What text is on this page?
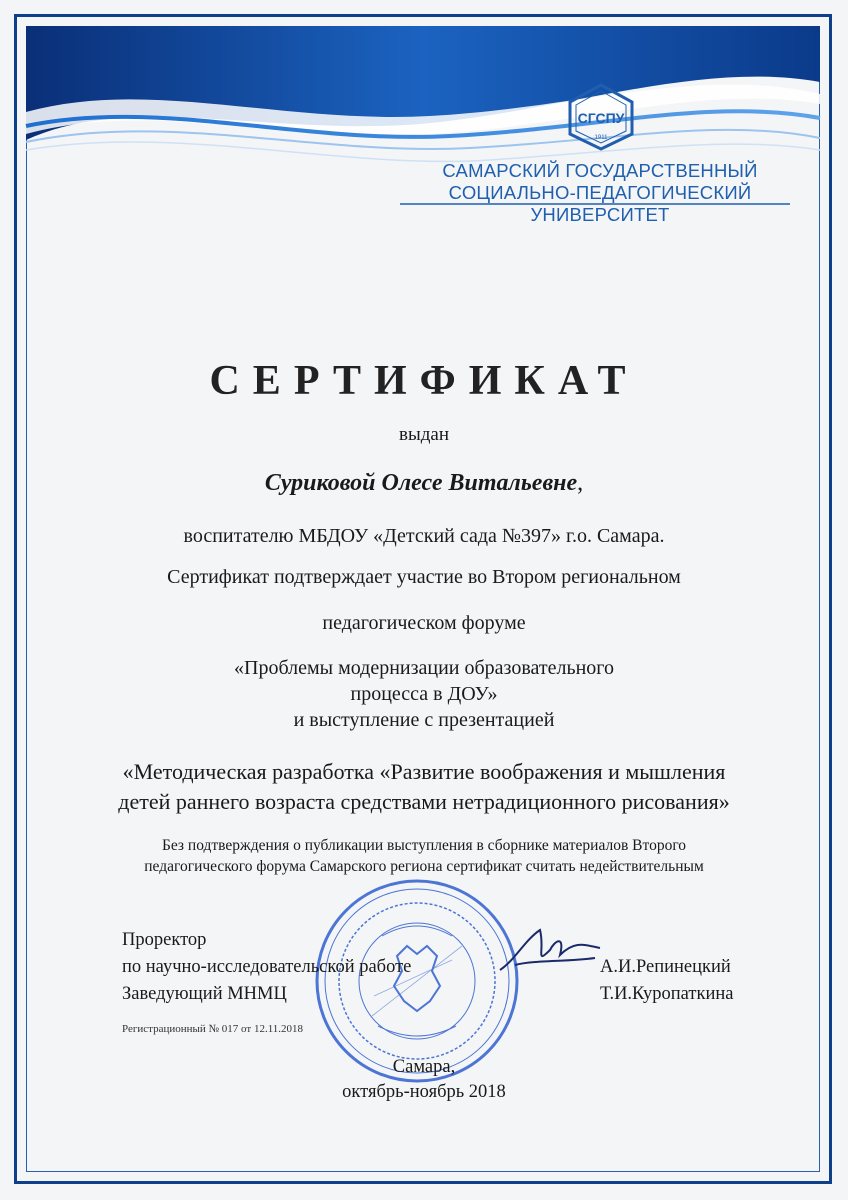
СГСПУ
1911
САМАРСКИЙ ГОСУДАРСТВЕННЫЙ
СОЦИАЛЬНО-ПЕДАГОГИЧЕСКИЙ УНИВЕРСИТЕТ
СЕРТИФИКАТ
выдан
Суриковой Олесе Витальевне,
воспитателю МБДОУ «Детский сада №397» г.о. Самара.
Сертификат подтверждает участие во Втором региональном
педагогическом форуме
«Проблемы модернизации образовательного
процесса в ДОУ»
и выступление с презентацией
«Методическая разработка «Развитие воображения и мышления
детей раннего возраста средствами нетрадиционного рисования»
Без подтверждения о публикации выступления в сборнике материалов Второго
педагогического форума Самарского региона сертификат считать недействительным
Проректор
по научно-исследовательской работе	А.И.Репинецкий
Заведующий МНМЦ	Т.И.Куропаткина
Регистрационный № 017 от 12.11.2018
Самара,
октябрь-ноябрь 2018
